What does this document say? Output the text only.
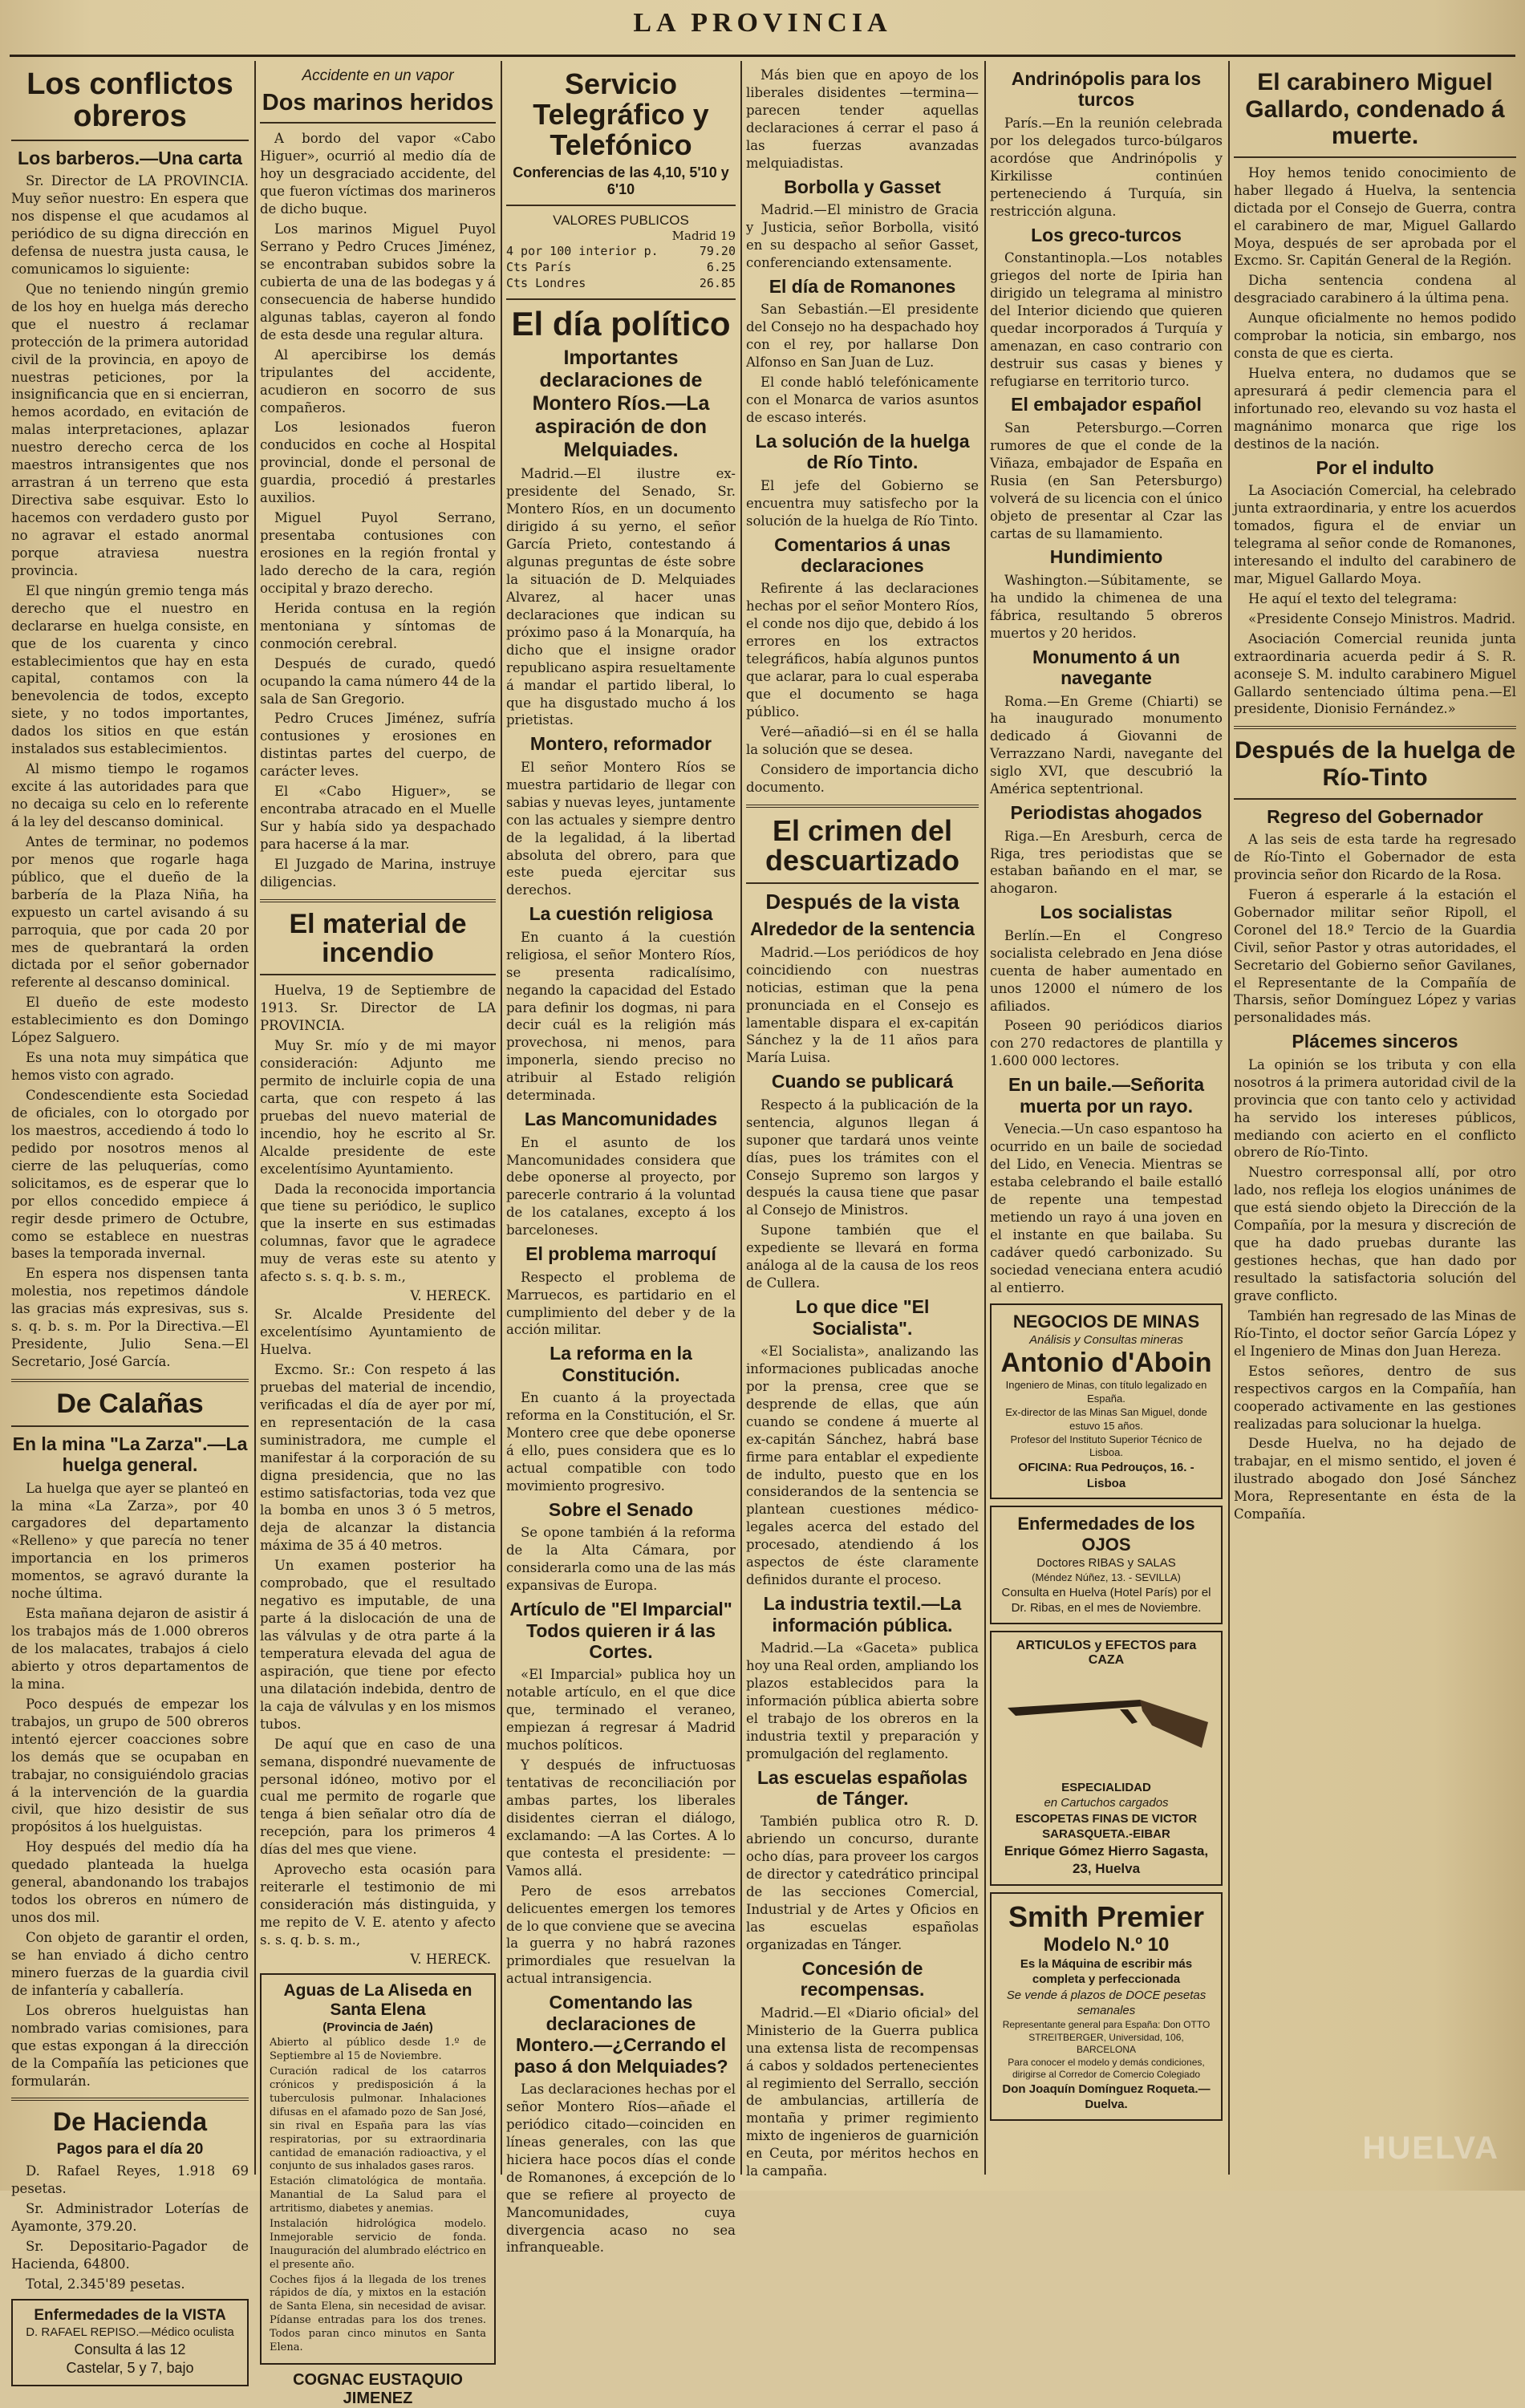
LA PROVINCIA
Los conflictos obreros
Los barberos.—Una carta

Sr. Director de LA PROVINCIA. Muy señor nuestro: En espera que nos dispense el que acudamos al periódico de su digna dirección en defensa de nuestra justa causa, le comunicamos lo siguiente:

Que no teniendo ningún gremio de los hoy en huelga más derecho que el nuestro á reclamar protección de la primera autoridad civil de la provincia, en apoyo de nuestras peticiones, por la insignificancia que en si encierran, hemos acordado, en evitación de malas interpretaciones, aplazar nuestro derecho cerca de los maestros intransigentes que nos arrastran á un terreno que esta Directiva sabe esquivar. Esto lo hacemos con verdadero gusto por no agravar el estado anormal porque atraviesa nuestra provincia.

El que ningún gremio tenga más derecho que el nuestro en declararse en huelga consiste, en que de los cuarenta y cinco establecimientos que hay en esta capital, contamos con la benevolencia de todos, excepto siete, y no todos importantes, dados los sitios en que están instalados sus establecimientos.

Al mismo tiempo le rogamos excite á las autoridades para que no decaiga su celo en lo referente á la ley del descanso dominical.

Antes de terminar, no podemos por menos que rogarle haga público, que el dueño de la barbería de la Plaza Niña, ha expuesto un cartel avisando á su parroquia, que por cada 20 por mes de quebrantará la orden dictada por el señor gobernador referente al descanso dominical.

El dueño de este modesto establecimiento es don Domingo López Salguero.

Es una nota muy simpática que hemos visto con agrado.

Condescendiente esta Sociedad de oficiales, con lo otorgado por los maestros, accediendo á todo lo pedido por nosotros menos al cierre de las peluquerías, como solicitamos, es de esperar que lo por ellos concedido empiece á regir desde primero de Octubre, como se establece en nuestras bases la temporada invernal.

En espera nos dispensen tanta molestia, nos repetimos dándole las gracias más expresivas, sus s. s. q. b. s. m. Por la Directiva.—El Presidente, Julio Sena.—El Secretario, José García.

De Calañas
En la mina "La Zarza".—La huelga general.

La huelga que ayer se planteó en la mina «La Zarza», por 40 cargadores del departamento «Relleno» y que parecía no tener importancia en los primeros momentos, se agravó durante la noche última.

Esta mañana dejaron de asistir á los trabajos más de 1.000 obreros de los malacates, trabajos á cielo abierto y otros departamentos de la mina.

Poco después de empezar los trabajos, un grupo de 500 obreros intentó ejercer coacciones sobre los demás que se ocupaban en trabajar, no consiguiéndolo gracias á la intervención de la guardia civil, que hizo desistir de sus propósitos á los huelguistas.

Hoy después del medio día ha quedado planteada la huelga general, abandonando los trabajos todos los obreros en número de unos dos mil.

Con objeto de garantir el orden, se han enviado á dicho centro minero fuerzas de la guardia civil de infantería y caballería.

Los obreros huelguistas han nombrado varias comisiones, para que estas expongan á la dirección de la Compañía las peticiones que formularán.

De Hacienda
Pagos para el día 20

D. Rafael Reyes, 1.918 69 pesetas.

Sr. Administrador Loterías de Ayamonte, 379.20.

Sr. Depositario-Pagador de Hacienda, 64800.

Total, 2.345'89 pesetas.

Enfermedades de la VISTA
D. RAFAEL REPISO.—Médico oculista
Consulta á las 12
Castelar, 5 y 7, bajo
Accidente en un vapor
Dos marinos heridos

A bordo del vapor «Cabo Higuer», ocurrió al medio día de hoy un desgraciado accidente, del que fueron víctimas dos marineros de dicho buque.

Los marinos Miguel Puyol Serrano y Pedro Cruces Jiménez, se encontraban subidos sobre la cubierta de una de las bodegas y á consecuencia de haberse hundido algunas tablas, cayeron al fondo de esta desde una regular altura.

Al apercibirse los demás tripulantes del accidente, acudieron en socorro de sus compañeros.

Los lesionados fueron conducidos en coche al Hospital provincial, donde el personal de guardia, procedió á prestarles auxilios.

Miguel Puyol Serrano, presentaba contusiones con erosiones en la región frontal y lado derecho de la cara, región occipital y brazo derecho.

Herida contusa en la región mentoniana y síntomas de conmoción cerebral.

Después de curado, quedó ocupando la cama número 44 de la sala de San Gregorio.

Pedro Cruces Jiménez, sufría contusiones y erosiones en distintas partes del cuerpo, de carácter leves.

El «Cabo Higuer», se encontraba atracado en el Muelle Sur y había sido ya despachado para hacerse á la mar.

El Juzgado de Marina, instruye diligencias.

El material de incendio

Huelva, 19 de Septiembre de 1913. Sr. Director de LA PROVINCIA.

Muy Sr. mío y de mi mayor consideración: Adjunto me permito de incluirle copia de una carta, que con respeto á las pruebas del nuevo material de incendio, hoy he escrito al Sr. Alcalde presidente de este excelentísimo Ayuntamiento.

Dada la reconocida importancia que tiene su periódico, le suplico que la inserte en sus estimadas columnas, favor que le agradece muy de veras este su atento y afecto s. s. q. b. s. m.,

V. HERECK.

Sr. Alcalde Presidente del excelentísimo Ayuntamiento de Huelva.

Excmo. Sr.: Con respeto á las pruebas del material de incendio, verificadas el día de ayer por mí, en representación de la casa suministradora, me cumple el manifestar á la corporación de su digna presidencia, que no las estimo satisfactorias, toda vez que la bomba en unos 3 ó 5 metros, deja de alcanzar la distancia máxima de 35 á 40 metros.

Un examen posterior ha comprobado, que el resultado negativo es imputable, de una parte á la dislocación de una de las válvulas y de otra parte á la temperatura elevada del agua de aspiración, que tiene por efecto una dilatación indebida, dentro de la caja de válvulas y en los mismos tubos.

De aquí que en caso de una semana, dispondré nuevamente de personal idóneo, motivo por el cual me permito de rogarle que tenga á bien señalar otro día de recepción, para los primeros 4 días del mes que viene.

Aprovecho esta ocasión para reiterarle el testimonio de mi consideración más distinguida, y me repito de V. E. atento y afecto s. s. q. b. s. m.,

V. HERECK.
Aguas de La Aliseda en Santa Elena
(Provincia de Jaén)

Abierto al público desde 1.º de Septiembre al 15 de Noviembre.

Curación radical de los catarros crónicos y predisposición á la tuberculosis pulmonar. Inhalaciones difusas en el afamado pozo de San José, sin rival en España para las vías respiratorias, por su extraordinaria cantidad de emanación radioactiva, y el conjunto de sus inhalados gases raros.

Estación climatológica de montaña. Manantial de La Salud para el artritismo, diabetes y anemias.

Instalación hidrológica modelo. Inmejorable servicio de fonda. Inauguración del alumbrado eléctrico en el presente año.

Coches fijos á la llegada de los trenes rápidos de día, y mixtos en la estación de Santa Elena, sin necesidad de avisar. Pídanse entradas para los dos trenes. Todos paran cinco minutos en Santa Elena.

COGNAC EUSTAQUIO JIMENEZ
Servicio Telegráfico y Telefónico
Conferencias de las 4,10, 5'10 y 6'10
VALORES PUBLICOS
Madrid 19
4 por 100 interior p.	79.20
Cts París	6.25
Cts Londres	26.85
El día político
Importantes declaraciones de Montero Ríos.—La aspiración de don Melquiades.

Madrid.—El ilustre ex-presidente del Senado, Sr. Montero Ríos, en un documento dirigido á su yerno, el señor García Prieto, contestando á algunas preguntas de éste sobre la situación de D. Melquiades Alvarez, al hacer unas declaraciones que indican su próximo paso á la Monarquía, ha dicho que el insigne orador republicano aspira resueltamente á mandar el partido liberal, lo que ha disgustado mucho á los prietistas.

Montero, reformador

El señor Montero Ríos se muestra partidario de llegar con sabias y nuevas leyes, juntamente con las actuales y siempre dentro de la legalidad, á la libertad absoluta del obrero, para que este pueda ejercitar sus derechos.

La cuestión religiosa

En cuanto á la cuestión religiosa, el señor Montero Ríos, se presenta radicalísimo, negando la capacidad del Estado para definir los dogmas, ni para decir cuál es la religión más provechosa, ni menos, para imponerla, siendo preciso no atribuir al Estado religión determinada.

Las Mancomunidades

En el asunto de los Mancomunidades considera que debe oponerse al proyecto, por parecerle contrario á la voluntad de los catalanes, excepto á los barceloneses.

El problema marroquí

Respecto el problema de Marruecos, es partidario en el cumplimiento del deber y de la acción militar.

La reforma en la Constitución.

En cuanto á la proyectada reforma en la Constitución, el Sr. Montero cree que debe oponerse á ello, pues considera que es lo actual compatible con todo movimiento progresivo.

Sobre el Senado

Se opone también á la reforma de la Alta Cámara, por considerarla como una de las más expansivas de Europa.

Artículo de "El Imparcial" Todos quieren ir á las Cortes.

«El Imparcial» publica hoy un notable artículo, en el que dice que, terminado el veraneo, empiezan á regresar á Madrid muchos políticos.

Y después de infructuosas tentativas de reconciliación por ambas partes, los liberales disidentes cierran el diálogo, exclamando: —A las Cortes. A lo que contesta el presidente: —Vamos allá.

Pero de esos arrebatos delicuentes emergen los temores de lo que conviene que se avecina la guerra y no habrá razones primordiales que resuelvan la actual intransigencia.

Comentando las declaraciones de Montero.—¿Cerrando el paso á don Melquiades?

Las declaraciones hechas por el señor Montero Ríos—añade el periódico citado—coinciden en líneas generales, con las que hiciera hace pocos días el conde de Romanones, á excepción de lo que se refiere al proyecto de Mancomunidades, cuya divergencia acaso no sea infranqueable.

Más bien que en apoyo de los liberales disidentes —termina— parecen tender aquellas declaraciones á cerrar el paso á las fuerzas avanzadas melquiadistas.

Borbolla y Gasset

Madrid.—El ministro de Gracia y Justicia, señor Borbolla, visitó en su despacho al señor Gasset, conferenciando extensamente.

El día de Romanones

San Sebastián.—El presidente del Consejo no ha despachado hoy con el rey, por hallarse Don Alfonso en San Juan de Luz.

El conde habló telefónicamente con el Monarca de varios asuntos de escaso interés.

La solución de la huelga de Río Tinto.

El jefe del Gobierno se encuentra muy satisfecho por la solución de la huelga de Río Tinto.

Comentarios á unas declaraciones

Refirente á las declaraciones hechas por el señor Montero Ríos, el conde nos dijo que, debido á los errores en los extractos telegráficos, había algunos puntos que aclarar, para lo cual esperaba que el documento se haga público.

Veré—añadió—si en él se halla la solución que se desea.

Considero de importancia dicho documento.

El crimen del descuartizado
Después de la vista
Alrededor de la sentencia

Madrid.—Los periódicos de hoy coincidiendo con nuestras noticias, estiman que la pena pronunciada en el Consejo es lamentable dispara el ex-capitán Sánchez y la de 11 años para María Luisa.

Cuando se publicará

Respecto á la publicación de la sentencia, algunos llegan á suponer que tardará unos veinte días, pues los trámites con el Consejo Supremo son largos y después la causa tiene que pasar al Consejo de Ministros.

Supone también que el expediente se llevará en forma análoga al de la causa de los reos de Cullera.

Lo que dice "El Socialista".

«El Socialista», analizando las informaciones publicadas anoche por la prensa, cree que se desprende de ellas, que aún cuando se condene á muerte al ex-capitán Sánchez, habrá base firme para entablar el expediente de indulto, puesto que en los considerandos de la sentencia se plantean cuestiones médico-legales acerca del estado del procesado, atendiendo á los aspectos de éste claramente definidos durante el proceso.

La industria textil.—La información pública.

Madrid.—La «Gaceta» publica hoy una Real orden, ampliando los plazos establecidos para la información pública abierta sobre el trabajo de los obreros en la industria textil y preparación y promulgación del reglamento.

Las escuelas españolas de Tánger.

También publica otro R. D. abriendo un concurso, durante ocho días, para proveer los cargos de director y catedrático principal de las secciones Comercial, Industrial y de Artes y Oficios en las escuelas españolas organizadas en Tánger.

Concesión de recompensas.

Madrid.—El «Diario oficial» del Ministerio de la Guerra publica una extensa lista de recompensas á cabos y soldados pertenecientes al regimiento del Serrallo, sección de ambulancias, artillería de montaña y primer regimiento mixto de ingenieros de guarnición en Ceuta, por méritos hechos en la campaña.

Andrinópolis para los turcos

París.—En la reunión celebrada por los delegados turco-búlgaros acordóse que Andrinópolis y Kirkilisse continúen perteneciendo á Turquía, sin restricción alguna.

Los greco-turcos

Constantinopla.—Los notables griegos del norte de Ipiria han dirigido un telegrama al ministro del Interior diciendo que quieren quedar incorporados á Turquía y amenazan, en caso contrario con destruir sus casas y bienes y refugiarse en territorio turco.

El embajador español

San Petersburgo.—Corren rumores de que el conde de la Viñaza, embajador de España en Rusia (en San Petersburgo) volverá de su licencia con el único objeto de presentar al Czar las cartas de su llamamiento.

Hundimiento

Washington.—Súbitamente, se ha undido la chimenea de una fábrica, resultando 5 obreros muertos y 20 heridos.

Monumento á un navegante

Roma.—En Greme (Chiarti) se ha inaugurado monumento dedicado á Giovanni de Verrazzano Nardi, navegante del siglo XVI, que descubrió la América septentrional.

Periodistas ahogados

Riga.—En Aresburh, cerca de Riga, tres periodistas que se estaban bañando en el mar, se ahogaron.

Los socialistas

Berlín.—En el Congreso socialista celebrado en Jena dióse cuenta de haber aumentado en unos 12000 el número de los afiliados.

Poseen 90 periódicos diarios con 270 redactores de plantilla y 1.600 000 lectores.

En un baile.—Señorita muerta por un rayo.

Venecia.—Un caso espantoso ha ocurrido en un baile de sociedad del Lido, en Venecia. Mientras se estaba celebrando el baile estalló de repente una tempestad metiendo un rayo á una joven en el instante en que bailaba. Su cadáver quedó carbonizado. Su sociedad veneciana entera acudió al entierro.

NEGOCIOS DE MINAS
Análisis y Consultas mineras
Antonio d'Aboin
Ingeniero de Minas, con título legalizado en España.
Ex-director de las Minas San Miguel, donde estuvo 15 años.
Profesor del Instituto Superior Técnico de Lisboa.
OFICINA: Rua Pedrouços, 16. - Lisboa
Enfermedades de los OJOS
Doctores RIBAS y SALAS
(Méndez Núñez, 13. - SEVILLA)
Consulta en Huelva (Hotel París) por el Dr. Ribas, en el mes de Noviembre.
ARTICULOS y EFECTOS para CAZA
ESPECIALIDAD
en Cartuchos cargados
ESCOPETAS FINAS DE VICTOR SARASQUETA.-EIBAR
Enrique Gómez Hierro Sagasta, 23, Huelva
Smith Premier
Modelo N.º 10
Es la Máquina de escribir más completa y perfeccionada
Se vende á plazos de DOCE pesetas semanales
Representante general para España: Don OTTO STREITBERGER, Universidad, 106, BARCELONA
Para conocer el modelo y demás condiciones, dirigirse al Corredor de Comercio Colegiado
Don Joaquín Domínguez Roqueta.—Duelva.
El carabinero Miguel Gallardo, condenado á muerte.

Hoy hemos tenido conocimiento de haber llegado á Huelva, la sentencia dictada por el Consejo de Guerra, contra el carabinero de mar, Miguel Gallardo Moya, después de ser aprobada por el Excmo. Sr. Capitán General de la Región.

Dicha sentencia condena al desgraciado carabinero á la última pena.

Aunque oficialmente no hemos podido comprobar la noticia, sin embargo, nos consta de que es cierta.

Huelva entera, no dudamos que se apresurará á pedir clemencia para el infortunado reo, elevando su voz hasta el magnánimo monarca que rige los destinos de la nación.

Por el indulto

La Asociación Comercial, ha celebrado junta extraordinaria, y entre los acuerdos tomados, figura el de enviar un telegrama al señor conde de Romanones, interesando el indulto del carabinero de mar, Miguel Gallardo Moya.

He aquí el texto del telegrama:

«Presidente Consejo Ministros. Madrid.

Asociación Comercial reunida junta extraordinaria acuerda pedir á S. R. aconseje S. M. indulto carabinero Miguel Gallardo sentenciado última pena.—El presidente, Dionisio Fernández.»

Después de la huelga de Río-Tinto
Regreso del Gobernador

A las seis de esta tarde ha regresado de Río-Tinto el Gobernador de esta provincia señor don Ricardo de la Rosa.

Fueron á esperarle á la estación el Gobernador militar señor Ripoll, el Coronel del 18.º Tercio de la Guardia Civil, señor Pastor y otras autoridades, el Secretario del Gobierno señor Gavilanes, el Representante de la Compañía de Tharsis, señor Domínguez López y varias personalidades más.

Plácemes sinceros

La opinión se los tributa y con ella nosotros á la primera autoridad civil de la provincia que con tanto celo y actividad ha servido los intereses públicos, mediando con acierto en el conflicto obrero de Río-Tinto.

Nuestro corresponsal allí, por otro lado, nos refleja los elogios unánimes de que está siendo objeto la Dirección de la Compañía, por la mesura y discreción de que ha dado pruebas durante las gestiones hechas, que han dado por resultado la satisfactoria solución del grave conflicto.

También han regresado de las Minas de Río-Tinto, el doctor señor García López y el Ingeniero de Minas don Juan Hereza.

Estos señores, dentro de sus respectivos cargos en la Compañía, han cooperado activamente en las gestiones realizadas para solucionar la huelga.

Desde Huelva, no ha dejado de trabajar, en el mismo sentido, el joven é ilustrado abogado don José Sánchez Mora, Representante en ésta de la Compañía.

HUELVA
